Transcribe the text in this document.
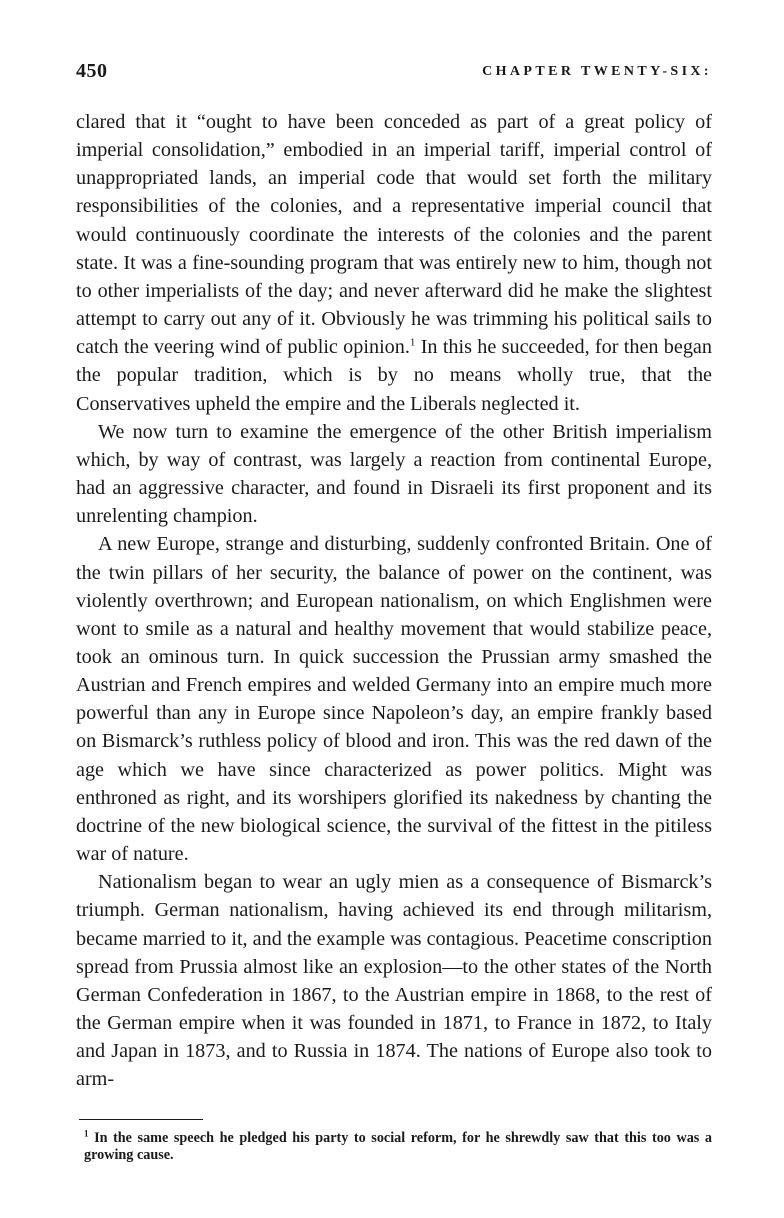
450	CHAPTER TWENTY-SIX:

clared that it “ought to have been conceded as part of a great policy of imperial consolidation,” embodied in an imperial tariff, imperial control of unappropriated lands, an imperial code that would set forth the military responsibilities of the colonies, and a representative imperial council that would continuously coordinate the interests of the colonies and the parent state. It was a fine-sounding program that was entirely new to him, though not to other imperialists of the day; and never afterward did he make the slightest attempt to carry out any of it. Obviously he was trimming his political sails to catch the veering wind of public opinion.$^1$ In this he succeeded, for then began the popular tradition, which is by no means wholly true, that the Conservatives upheld the empire and the Liberals neglected it.

We now turn to examine the emergence of the other British imperialism which, by way of contrast, was largely a reaction from continental Europe, had an aggressive character, and found in Disraeli its first proponent and its unrelenting champion.

A new Europe, strange and disturbing, suddenly confronted Britain. One of the twin pillars of her security, the balance of power on the continent, was violently overthrown; and European nationalism, on which Englishmen were wont to smile as a natural and healthy movement that would stabilize peace, took an ominous turn. In quick succession the Prussian army smashed the Austrian and French empires and welded Germany into an empire much more powerful than any in Europe since Napoleon’s day, an empire frankly based on Bismarck’s ruthless policy of blood and iron. This was the red dawn of the age which we have since characterized as power politics. Might was enthroned as right, and its worshipers glorified its nakedness by chanting the doctrine of the new biological science, the survival of the fittest in the pitiless war of nature.

Nationalism began to wear an ugly mien as a consequence of Bismarck’s triumph. German nationalism, having achieved its end through militarism, became married to it, and the example was contagious. Peacetime conscription spread from Prussia almost like an explosion—to the other states of the North German Confederation in 1867, to the Austrian empire in 1868, to the rest of the German empire when it was founded in 1871, to France in 1872, to Italy and Japan in 1873, and to Russia in 1874. The nations of Europe also took to arm-

$^1$ In the same speech he pledged his party to social reform, for he shrewdly saw that this too was a growing cause.
